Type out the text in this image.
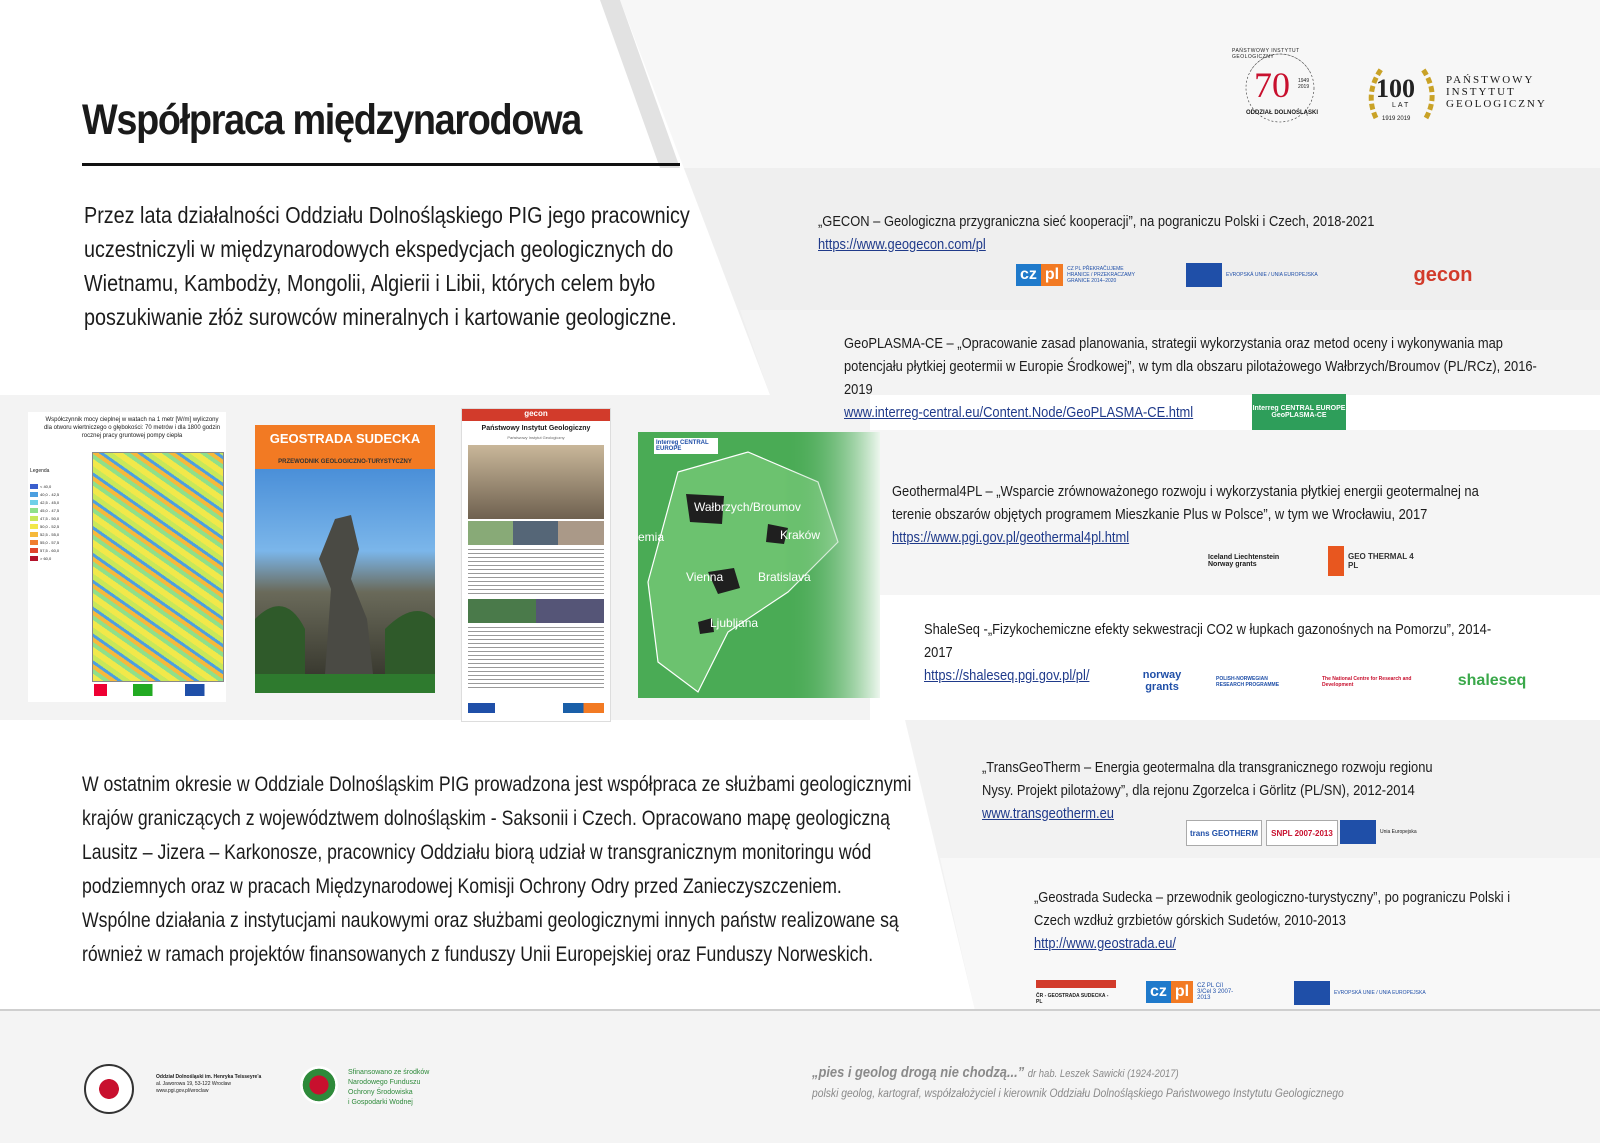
Współpraca międzynarodowa
70 1949 2019
ODDZIAŁ DOLNOŚLĄSKI
PAŃSTWOWY INSTYTUT GEOLOGICZNY
100
LAT
1919 2019
PAŃSTWOWY
INSTYTUT
GEOLOGICZNY
Przez lata działalności Oddziału Dolnośląskiego PIG jego pracownicy uczestniczyli w międzynarodowych ekspedycjach geologicznych do Wietnamu, Kambodży, Mongolii, Algierii i Libii, których celem było poszukiwanie złóż surowców mineralnych i kartowanie geologiczne.
Współczynnik mocy cieplnej w watach na 1 metr [W/m] wyliczony dla otworu wiertniczego o głębokości: 70 metrów i dla 1800 godzin rocznej pracy gruntowej pompy ciepła
Legenda
< 40,0
40,0 - 42,5
42,5 - 45,0
45,0 - 47,5
47,5 - 50,0
50,0 - 52,5
52,5 - 55,0
55,0 - 57,5
57,5 - 60,0
> 60,0
GEOSTRADA SUDECKA
PRZEWODNIK GEOLOGICZNO-TURYSTYCZNY
gecon
Państwowy Instytut Geologiczny
Państwowy Instytut Geologiczny
Interreg CENTRAL EUROPE
Wałbrzych/Broumov
Kraków
Vienna	Bratislava
Ljubljana
emia
„GECON – Geologiczna przygraniczna sieć kooperacji”, na pograniczu Polski i Czech, 2018-2021
https://www.geogecon.com/pl
cz pl	CZ PL PŘEKRAČUJEME HRANICE / PRZEKRACZAMY GRANICE 2014–2020
EVROPSKÁ UNIE / UNIA EUROPEJSKA	gecon
GeoPLASMA-CE – „Opracowanie zasad planowania, strategii wykorzystania oraz metod oceny i wykonywania map potencjału płytkiej geotermii w Europie Środkowej”, w tym dla obszaru pilotażowego Wałbrzych/Broumov (PL/RCz), 2016-2019
www.interreg-central.eu/Content.Node/GeoPLASMA-CE.html	Interreg CENTRAL EUROPE GeoPLASMA-CE
Geothermal4PL – „Wsparcie zrównoważonego rozwoju i wykorzystania płytkiej energii geotermalnej na terenie obszarów objętych programem Mieszkanie Plus w Polsce”, w tym we Wrocławiu, 2017
https://www.pgi.gov.pl/geothermal4pl.html
Iceland Liechtenstein Norway grants
GEO THERMAL 4 PL
ShaleSeq -„Fizykochemiczne efekty sekwestracji CO2 w łupkach gazonośnych na Pomorzu”, 2014-2017
https://shaleseq.pgi.gov.pl/pl/	norway grants
POLISH-NORWEGIAN RESEARCH PROGRAMME
The National Centre for Research and Development	shaleseq
„TransGeoTherm – Energia geotermalna dla transgranicznego rozwoju regionu Nysy. Projekt pilotażowy”, dla rejonu Zgorzelca i Görlitz (PL/SN), 2012-2014
www.transgeotherm.eu
trans GEOTHERM	SNPL 2007-2013	Unia Europejska
„Geostrada Sudecka – przewodnik geologiczno-turystyczny”, po pograniczu Polski i Czech wzdłuż grzbietów górskich Sudetów, 2010-2013
http://www.geostrada.eu/
ČR - GEOSTRADA SUDECKA - PL
cz pl	CZ PL Cíl 3/Cel 3 2007-2013
EVROPSKÁ UNIE / UNIA EUROPEJSKA
W ostatnim okresie w Oddziale Dolnośląskim PIG prowadzona jest współpraca ze służbami geologicznymi krajów graniczących z województwem dolnośląskim - Saksonii i Czech. Opracowano mapę geologiczną Lausitz – Jizera – Karkonosze, pracownicy Oddziału biorą udział w transgranicznym monitoringu wód podziemnych oraz w pracach Międzynarodowej Komisji Ochrony Odry przed Zanieczyszczeniem.
Wspólne działania z instytucjami naukowymi oraz służbami geologicznymi innych państw realizowane są również w ramach projektów finansowanych z funduszy Unii Europejskiej oraz Funduszy Norweskich.
Oddział Dolnośląski im. Henryka Teisseyre'a
al. Jaworowa 19, 53-122 Wrocław
www.pgi.gov.pl/wroclaw
Sfinansowano ze środków
Narodowego Funduszu
Ochrony Środowiska
i Gospodarki Wodnej
„pies i geolog drogą nie chodzą...” dr hab. Leszek Sawicki (1924-2017)
polski geolog, kartograf, współzałożyciel i kierownik Oddziału Dolnośląskiego Państwowego Instytutu Geologicznego
